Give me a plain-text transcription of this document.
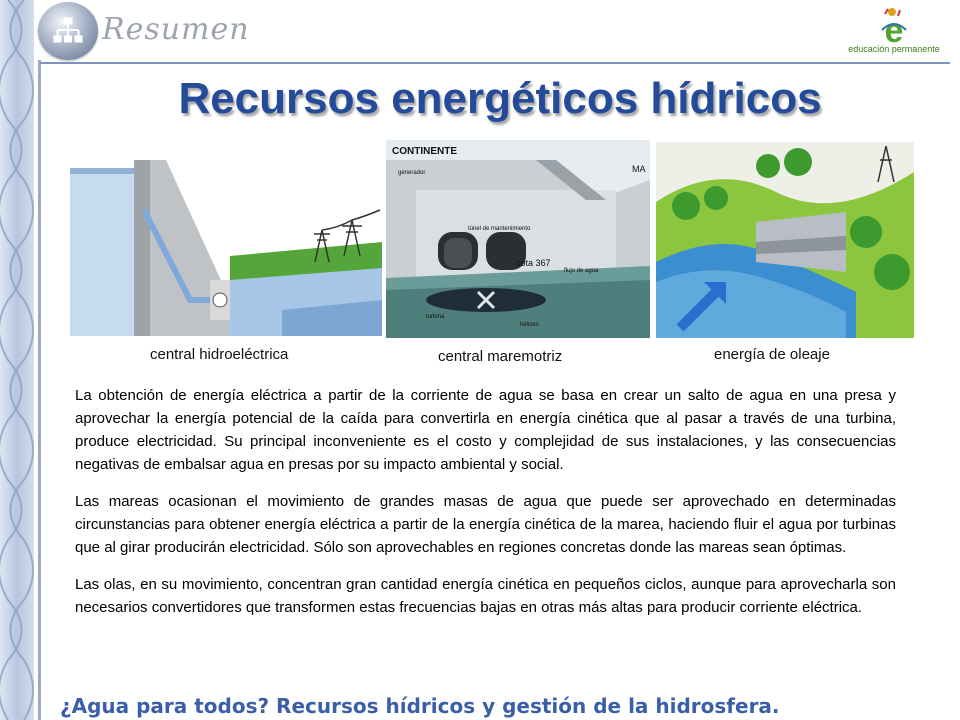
Resumen	e
educación permanente
Recursos energéticos hídricos
central hidroeléctrica
CONTINENTE
MA
generador
túnel de mantenimiento
flujo de agua
turbina
hélices
cota 367
central maremotriz	energía de oleaje

La obtención de energía eléctrica a partir de la corriente de agua se basa en crear un salto de agua en una presa y aprovechar la energía potencial de la caída para convertirla en energía cinética que al pasar a través de una turbina, produce electricidad. Su principal inconveniente es el costo y complejidad de sus instalaciones, y las consecuencias negativas de embalsar agua en presas por su impacto ambiental y social.

Las mareas ocasionan el movimiento de grandes masas de agua que puede ser aprovechado en determinadas circunstancias para obtener energía eléctrica a partir de la energía cinética de la marea, haciendo fluir el agua por turbinas que al girar producirán electricidad. Sólo son aprovechables en regiones concretas donde las mareas sean óptimas.

Las olas, en su movimiento, concentran gran cantidad energía cinética en pequeños ciclos, aunque para aprovecharla son necesarios convertidores que transformen estas frecuencias bajas en otras más altas para producir corriente eléctrica.

¿Agua para todos? Recursos hídricos y gestión de la hidrosfera.
